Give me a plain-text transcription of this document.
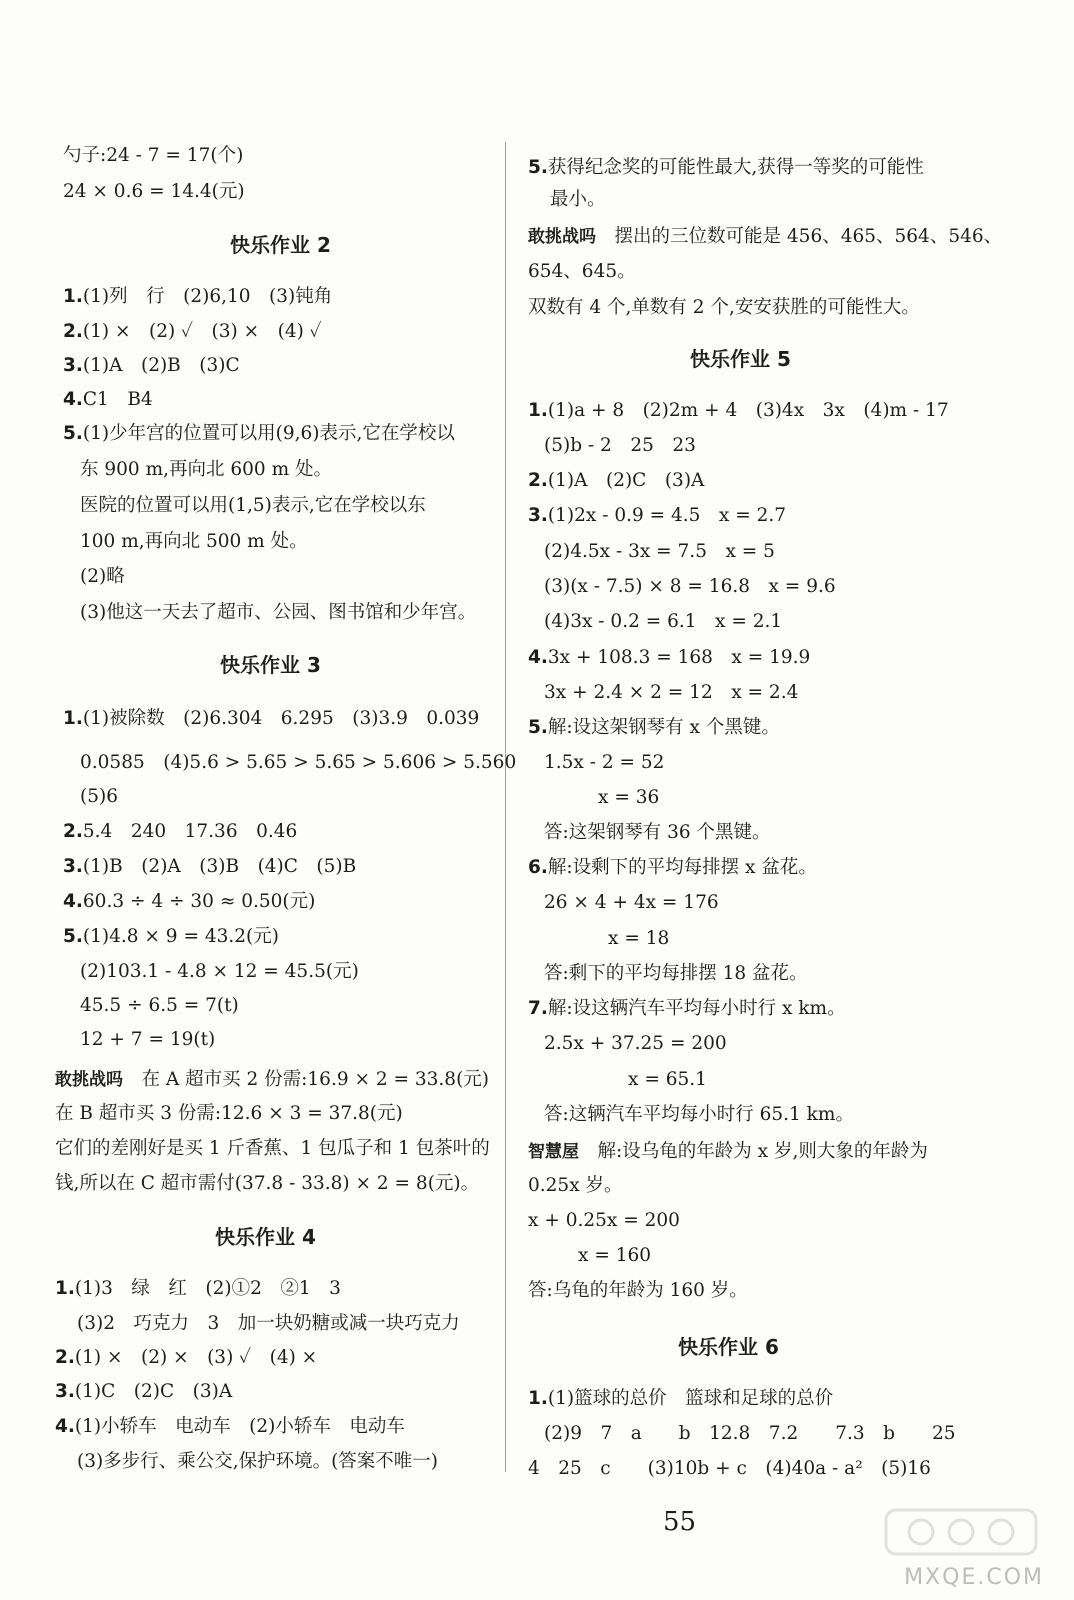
勺子:24 - 7 = 17(个)
24 × 0.6 = 14.4(元)
快乐作业 2
1.(1)列　行　(2)6,10　(3)钝角
2.(1) ×　(2) ✓　(3) ×　(4) ✓
3.(1)A　(2)B　(3)C
4.C1　B4
5.(1)少年宫的位置可以用(9,6)表示,它在学校以
东 900 m,再向北 600 m 处。
医院的位置可以用(1,5)表示,它在学校以东
100 m,再向北 500 m 处。
(2)略
(3)他这一天去了超市、公园、图书馆和少年宫。
快乐作业 3
1.(1)被除数　(2)6.304　6.295　(3)3.9　0.039
0.0585　(4)5.6 > 5.65 > 5.65 > 5.606 > 5.560
(5)6
2.5.4　240　17.36　0.46
3.(1)B　(2)A　(3)B　(4)C　(5)B
4.60.3 ÷ 4 ÷ 30 ≈ 0.50(元)
5.(1)4.8 × 9 = 43.2(元)
(2)103.1 - 4.8 × 12 = 45.5(元)
45.5 ÷ 6.5 = 7(t)
12 + 7 = 19(t)
敢挑战吗　 在 A 超市买 2 份需:16.9 × 2 = 33.8(元)
在 B 超市买 3 份需:12.6 × 3 = 37.8(元)
它们的差刚好是买 1 斤香蕉、1 包瓜子和 1 包茶叶的
钱,所以在 C 超市需付(37.8 - 33.8) × 2 = 8(元)。
快乐作业 4
1.(1)3　绿　红　(2)①2　②1　3
(3)2　巧克力　3　加一块奶糖或减一块巧克力
2.(1) ×　(2) ×　(3) ✓　(4) ×
3.(1)C　(2)C　(3)A
4.(1)小轿车　电动车　(2)小轿车　电动车
(3)多步行、乘公交,保护环境。(答案不唯一)
5.获得纪念奖的可能性最大,获得一等奖的可能性
最小。
敢挑战吗　 摆出的三位数可能是 456、465、564、546、
654、645。
双数有 4 个,单数有 2 个,安安获胜的可能性大。
快乐作业 5
1.(1)a + 8　(2)2m + 4　(3)4x　3x　(4)m - 17
(5)b - 2　25　23
2.(1)A　(2)C　(3)A
3.(1)2x - 0.9 = 4.5　x = 2.7
(2)4.5x - 3x = 7.5　x = 5
(3)(x - 7.5) × 8 = 16.8　x = 9.6
(4)3x - 0.2 = 6.1　x = 2.1
4.3x + 108.3 = 168　x = 19.9
3x + 2.4 × 2 = 12　x = 2.4
5.解:设这架钢琴有 x 个黑键。
1.5x - 2 = 52
x = 36
答:这架钢琴有 36 个黑键。
6.解:设剩下的平均每排摆 x 盆花。
26 × 4 + 4x = 176
x = 18
答:剩下的平均每排摆 18 盆花。
7.解:设这辆汽车平均每小时行 x km。
2.5x + 37.25 = 200
x = 65.1
答:这辆汽车平均每小时行 65.1 km。
智慧屋　 解:设乌龟的年龄为 x 岁,则大象的年龄为
0.25x 岁。
x + 0.25x = 200
x = 160
答:乌龟的年龄为 160 岁。
快乐作业 6
1.(1)篮球的总价　篮球和足球的总价
(2)9　7　a　　b　12.8　7.2　　7.3　b　　25
4　25　c　　(3)10b + c　(4)40a - a²　(5)16
55
MXQE.COM
